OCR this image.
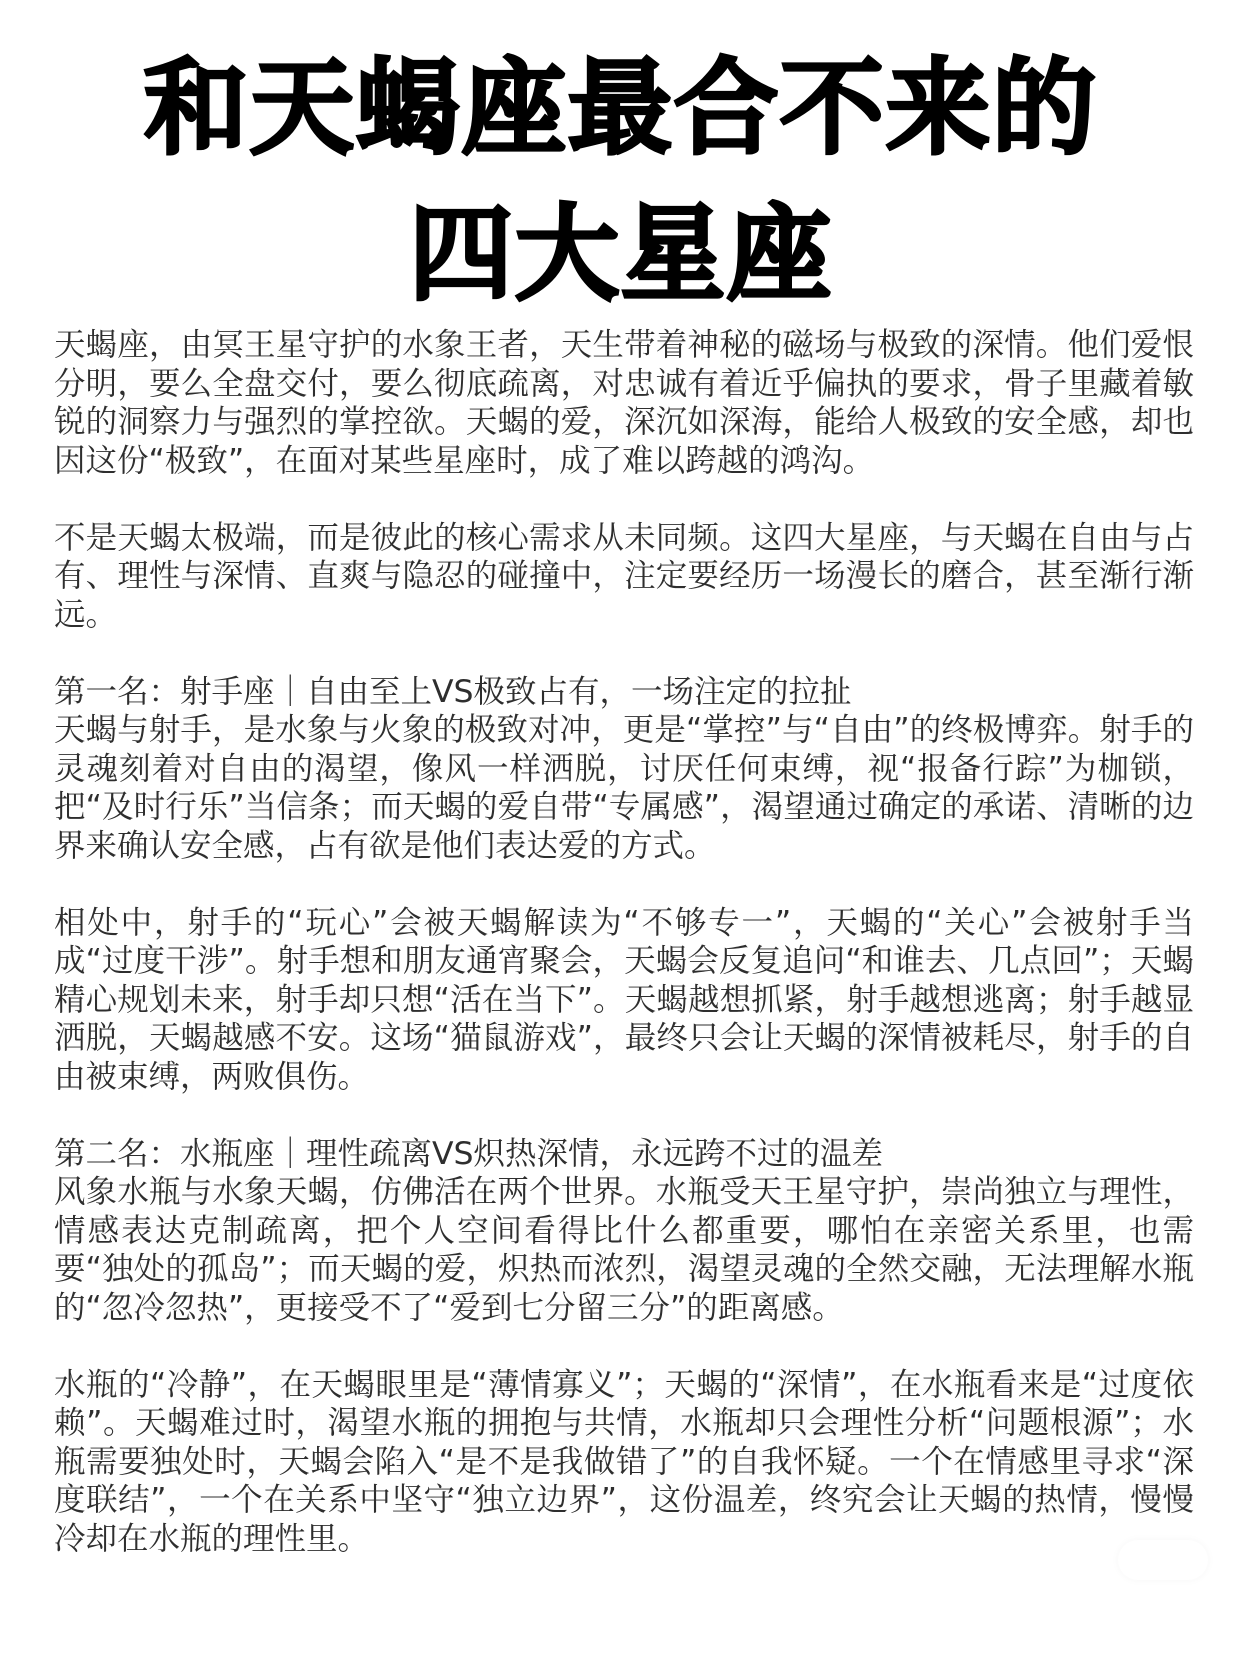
和天蝎座最合不来的
四大星座

天蝎座，由冥王星守护的水象王者，天生带着神秘的磁场与极致的深情。他们爱恨分明，要么全盘交付，要么彻底疏离，对忠诚有着近乎偏执的要求，骨子里藏着敏锐的洞察力与强烈的掌控欲。天蝎的爱，深沉如深海，能给人极致的安全感，却也因这份“极致”，在面对某些星座时，成了难以跨越的鸿沟。

不是天蝎太极端，而是彼此的核心需求从未同频。这四大星座，与天蝎在自由与占有、理性与深情、直爽与隐忍的碰撞中，注定要经历一场漫长的磨合，甚至渐行渐远。

第一名：射手座｜自由至上VS极致占有，一场注定的拉扯
天蝎与射手，是水象与火象的极致对冲，更是“掌控”与“自由”的终极博弈。射手的灵魂刻着对自由的渴望，像风一样洒脱，讨厌任何束缚，视“报备行踪”为枷锁，把“及时行乐”当信条；而天蝎的爱自带“专属感”，渴望通过确定的承诺、清晰的边界来确认安全感，占有欲是他们表达爱的方式。

相处中，射手的“玩心”会被天蝎解读为“不够专一”，天蝎的“关心”会被射手当成“过度干涉”。射手想和朋友通宵聚会，天蝎会反复追问“和谁去、几点回”；天蝎精心规划未来，射手却只想“活在当下”。天蝎越想抓紧，射手越想逃离；射手越显洒脱，天蝎越感不安。这场“猫鼠游戏”，最终只会让天蝎的深情被耗尽，射手的自由被束缚，两败俱伤。

第二名：水瓶座｜理性疏离VS炽热深情，永远跨不过的温差
风象水瓶与水象天蝎，仿佛活在两个世界。水瓶受天王星守护，崇尚独立与理性，情感表达克制疏离，把个人空间看得比什么都重要，哪怕在亲密关系里，也需要“独处的孤岛”；而天蝎的爱，炽热而浓烈，渴望灵魂的全然交融，无法理解水瓶的“忽冷忽热”，更接受不了“爱到七分留三分”的距离感。

水瓶的“冷静”，在天蝎眼里是“薄情寡义”；天蝎的“深情”，在水瓶看来是“过度依赖”。天蝎难过时，渴望水瓶的拥抱与共情，水瓶却只会理性分析“问题根源”；水瓶需要独处时，天蝎会陷入“是不是我做错了”的自我怀疑。一个在情感里寻求“深度联结”，一个在关系中坚守“独立边界”，这份温差，终究会让天蝎的热情，慢慢冷却在水瓶的理性里。
